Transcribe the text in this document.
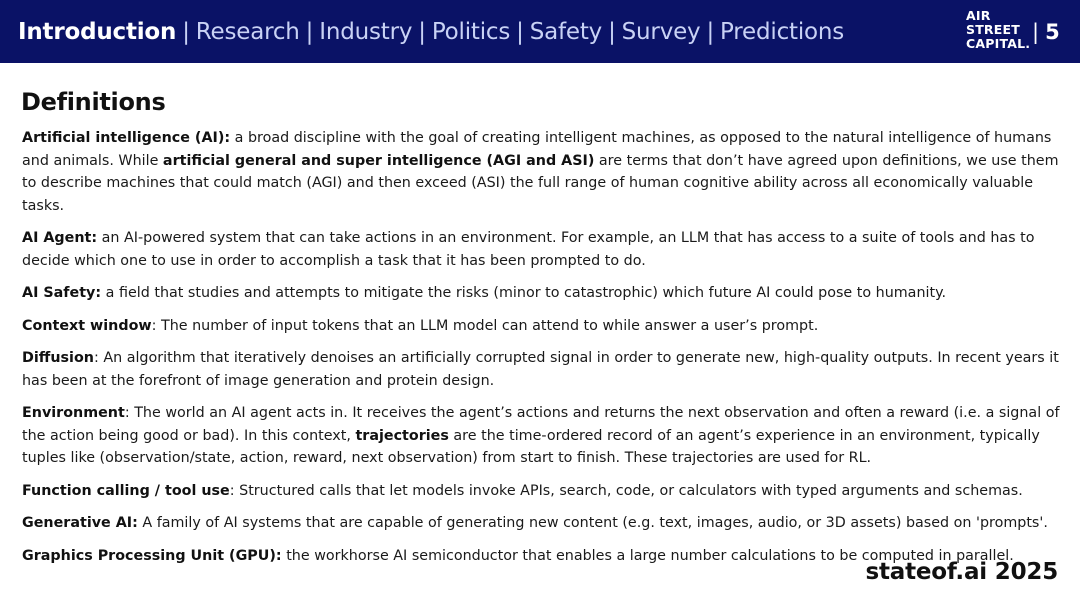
Introduction | Research | Industry | Politics | Safety | Survey | Predictions
AIR
STREET
CAPITAL. | 5
Definitions

Artificial intelligence (AI): a broad discipline with the goal of creating intelligent machines, as opposed to the natural intelligence of humans and animals. While artificial general and super intelligence (AGI and ASI) are terms that don’t have agreed upon definitions, we use them to describe machines that could match (AGI) and then exceed (ASI) the full range of human cognitive ability across all economically valuable tasks.

AI Agent: an AI-powered system that can take actions in an environment. For example, an LLM that has access to a suite of tools and has to decide which one to use in order to accomplish a task that it has been prompted to do.

AI Safety: a field that studies and attempts to mitigate the risks (minor to catastrophic) which future AI could pose to humanity.

Context window: The number of input tokens that an LLM model can attend to while answer a user’s prompt.

Diffusion: An algorithm that iteratively denoises an artificially corrupted signal in order to generate new, high-quality outputs. In recent years it has been at the forefront of image generation and protein design.

Environment: The world an AI agent acts in. It receives the agent’s actions and returns the next observation and often a reward (i.e. a signal of the action being good or bad). In this context, trajectories are the time-ordered record of an agent’s experience in an environment, typically tuples like (observation/state, action, reward, next observation) from start to finish. These trajectories are used for RL.

Function calling / tool use: Structured calls that let models invoke APIs, search, code, or calculators with typed arguments and schemas.

Generative AI: A family of AI systems that are capable of generating new content (e.g. text, images, audio, or 3D assets) based on 'prompts'.

Graphics Processing Unit (GPU): the workhorse AI semiconductor that enables a large number calculations to be computed in parallel.

stateof.ai 2025
